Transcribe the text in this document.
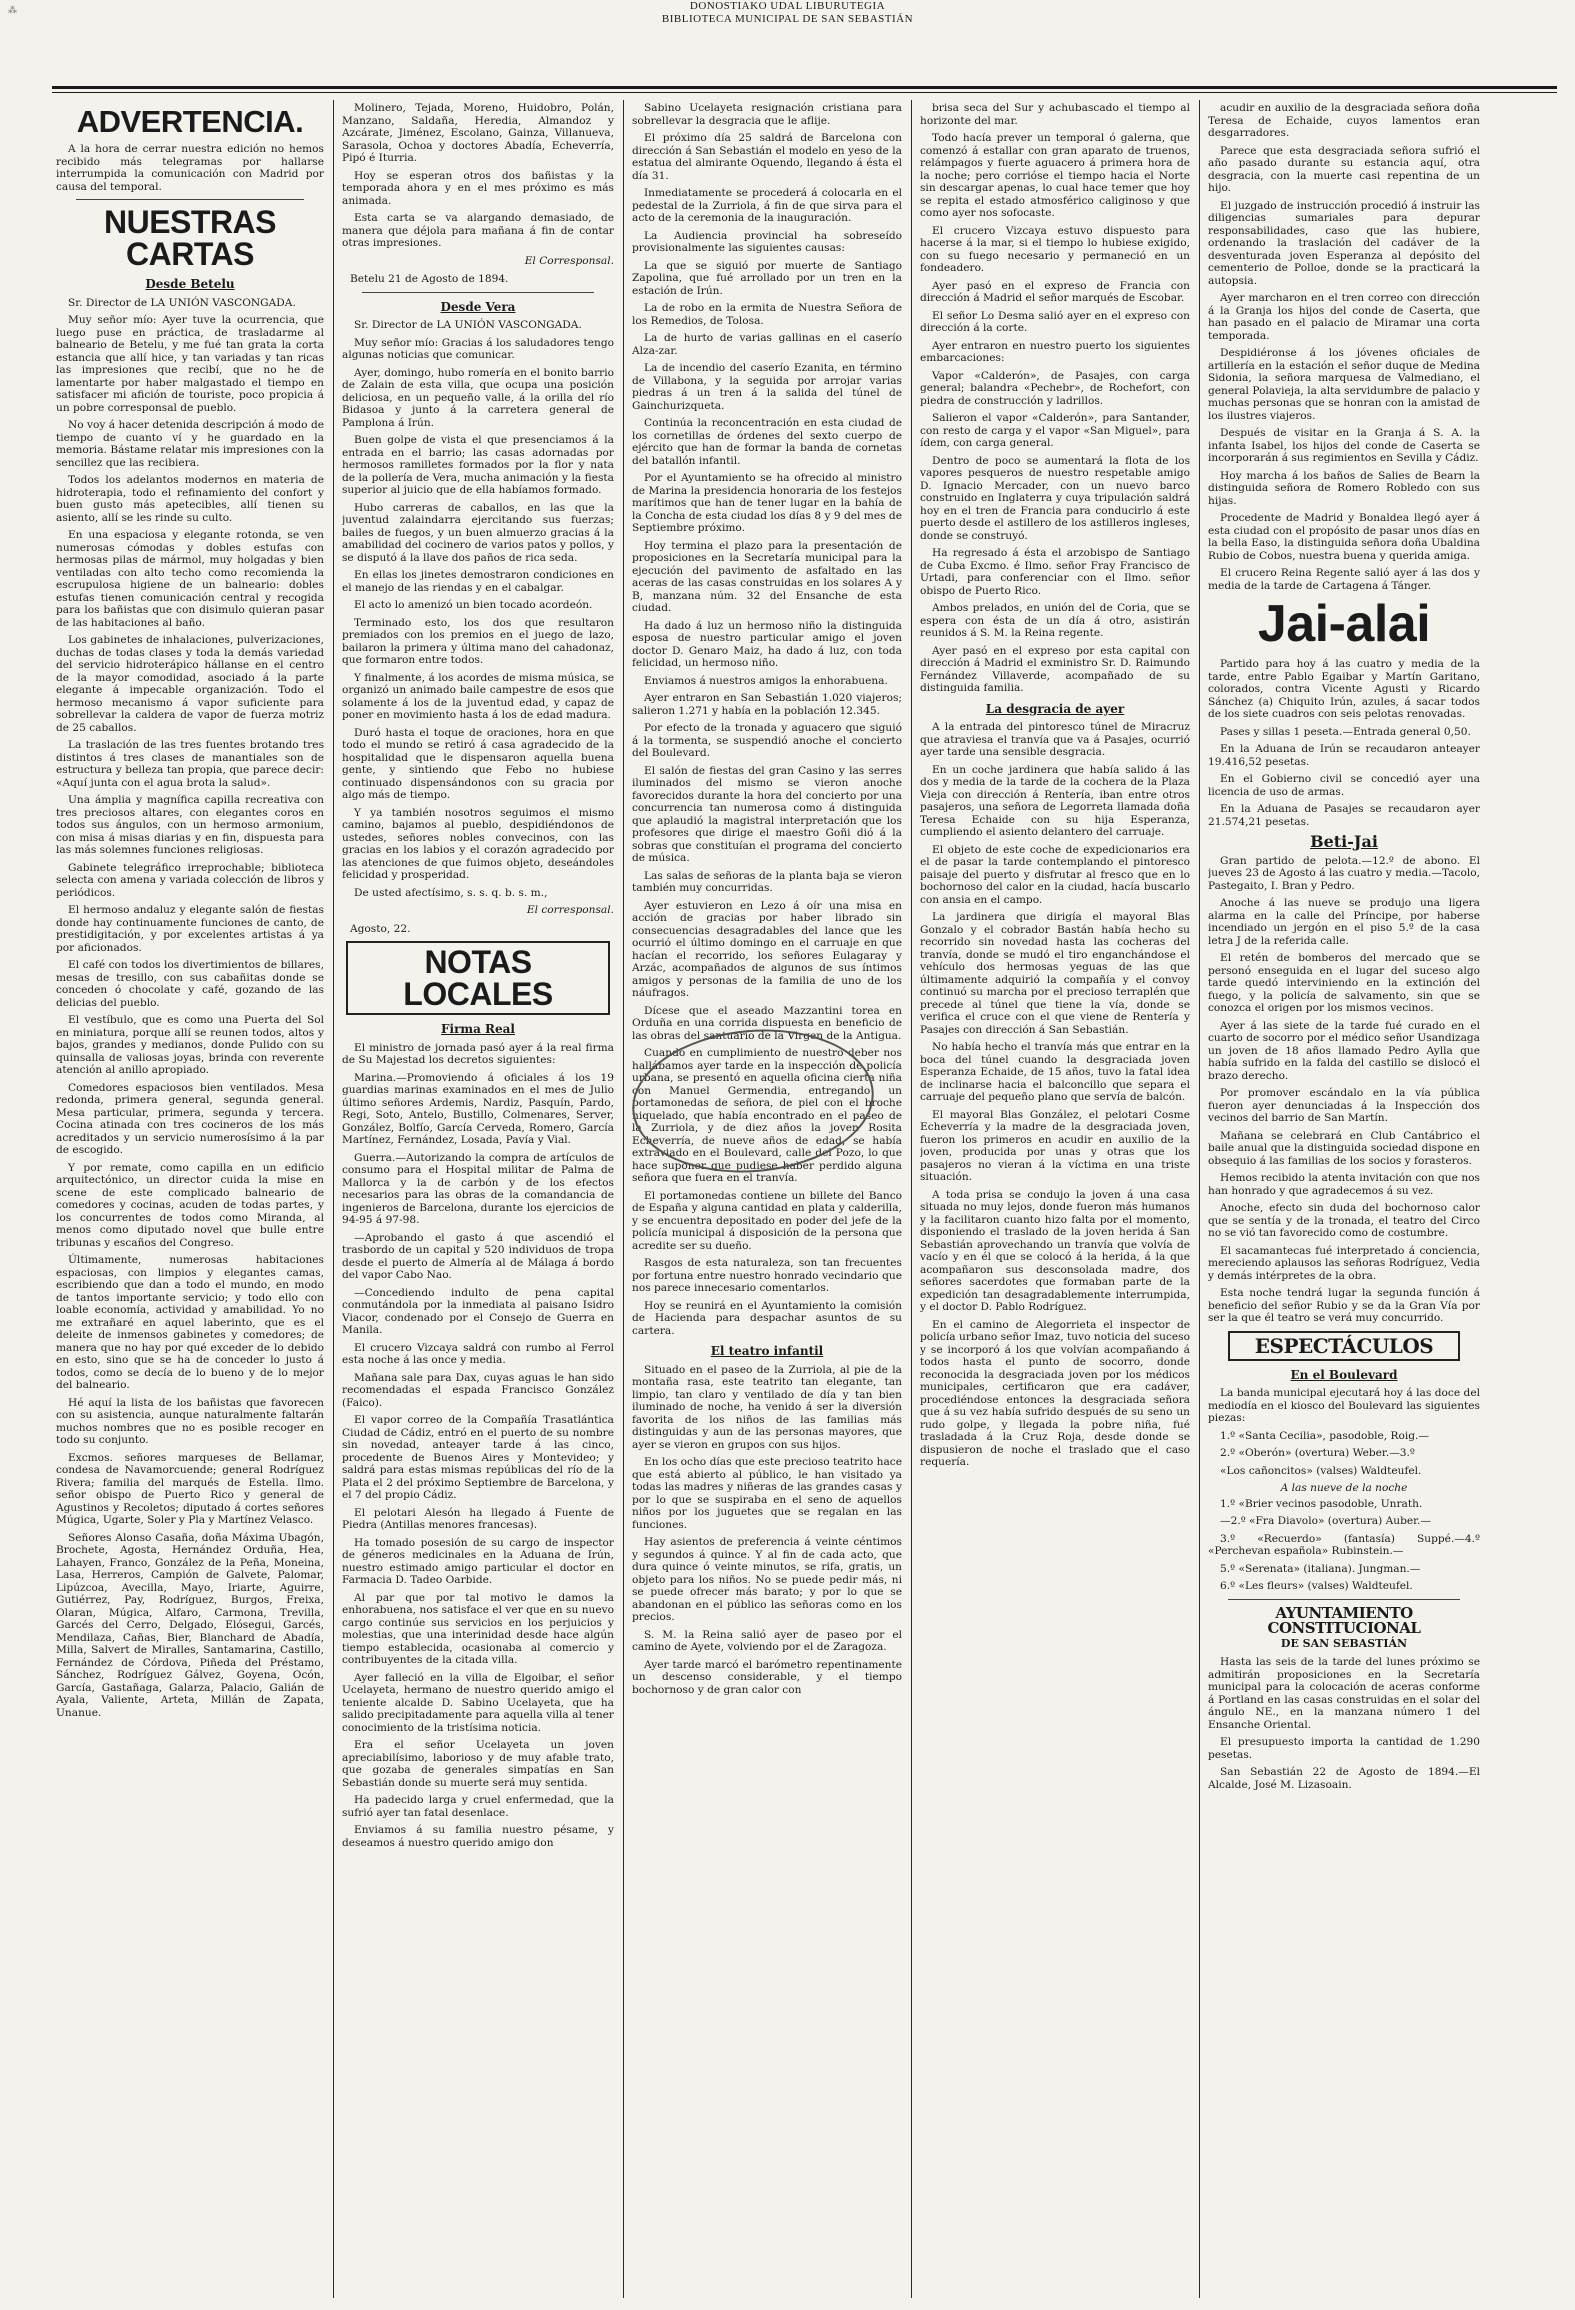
⁂	DONOSTIAKO UDAL LIBURUTEGIA
BIBLIOTECA MUNICIPAL DE SAN SEBASTIÁN
ADVERTENCIA.

A la hora de cerrar nuestra edición no hemos recibido más telegramas por hallarse interrumpida la comunicación con Madrid por causa del temporal.

NUESTRAS CARTAS
Desde Betelu

Sr. Director de LA UNIÓN VASCONGADA.

Muy señor mío: Ayer tuve la ocurrencia, que luego puse en práctica, de trasladarme al balneario de Betelu, y me fué tan grata la corta estancia que allí hice, y tan variadas y tan ricas las impresiones que recibí, que no he de lamentarte por haber malgastado el tiempo en satisfacer mi afición de touriste, poco propicia á un pobre corresponsal de pueblo.

No voy á hacer detenida descripción á modo de tiempo de cuanto ví y he guardado en la memoria. Bástame relatar mis impresiones con la sencillez que las recibiera.

Todos los adelantos modernos en materia de hidroterapia, todo el refinamiento del confort y buen gusto más apetecibles, allí tienen su asiento, allí se les rinde su culto.

En una espaciosa y elegante rotonda, se ven numerosas cómodas y dobles estufas con hermosas pilas de mármol, muy holgadas y bien ventiladas con alto techo como recomienda la escrupulosa higiene de un balneario: dobles estufas tienen comunicación central y recogida para los bañistas que con disimulo quieran pasar de las habitaciones al baño.

Los gabinetes de inhalaciones, pulverizaciones, duchas de todas clases y toda la demás variedad del servicio hidroterápico hállanse en el centro de la mayor comodidad, asociado á la parte elegante á impecable organización. Todo el hermoso mecanismo á vapor suficiente para sobrellevar la caldera de vapor de fuerza motriz de 25 caballos.

La traslación de las tres fuentes brotando tres distintos á tres clases de manantiales son de estructura y belleza tan propia, que parece decir: «Aquí junta con el agua brota la salud».

Una ámplia y magnífica capilla recreativa con tres preciosos altares, con elegantes coros en todos sus ángulos, con un hermoso armonium, con misa á misas diarias y en fin, dispuesta para las más solemnes funciones religiosas.

Gabinete telegráfico irreprochable; biblioteca selecta con amena y variada colección de libros y periódicos.

El hermoso andaluz y elegante salón de fiestas donde hay continuamente funciones de canto, de prestidigitación, y por excelentes artistas á ya por aficionados.

El café con todos los divertimientos de billares, mesas de tresillo, con sus cabañitas donde se conceden ó chocolate y café, gozando de las delicias del pueblo.

El vestíbulo, que es como una Puerta del Sol en miniatura, porque allí se reunen todos, altos y bajos, grandes y medianos, donde Pulido con su quinsalla de valiosas joyas, brinda con reverente atención al anillo apropiado.

Comedores espaciosos bien ventilados. Mesa redonda, primera general, segunda general. Mesa particular, primera, segunda y tercera. Cocina atinada con tres cocineros de los más acreditados y un servicio numerosísimo á la par de escogido.

Y por remate, como capilla en un edificio arquitectónico, un director cuida la mise en scene de este complicado balneario de comedores y cocinas, acuden de todas partes, y los concurrentes de todos como Miranda, al menos como diputado novel que bulle entre tribunas y escaños del Congreso.

Últimamente, numerosas habitaciones espaciosas, con limpios y elegantes camas, escribiendo que dan a todo el mundo, en modo de tantos importante servicio; y todo ello con loable economía, actividad y amabilidad. Yo no me extrañaré en aquel laberinto, que es el deleite de inmensos gabinetes y comedores; de manera que no hay por qué exceder de lo debido en esto, sino que se ha de conceder lo justo á todos, como se decía de lo bueno y de lo mejor del balneario.

Hé aquí la lista de los bañistas que favorecen con su asistencia, aunque naturalmente faltarán muchos nombres que no es posible recoger en todo su conjunto.

Excmos. señores marqueses de Bellamar, condesa de Navamorcuende; general Rodríguez Rivera; familia del marqués de Estella. Ilmo. señor obispo de Puerto Rico y general de Agustinos y Recoletos; diputado á cortes señores Múgica, Ugarte, Soler y Pla y Martínez Velasco.

Señores Alonso Casaña, doña Máxima Ubagón, Brochete, Agosta, Hernández Orduña, Hea, Lahayen, Franco, González de la Peña, Moneina, Lasa, Herreros, Campión de Galvete, Palomar, Lipúzcoa, Avecilla, Mayo, Iriarte, Aguirre, Gutiérrez, Pay, Rodríguez, Burgos, Freixa, Olaran, Múgica, Alfaro, Carmona, Trevilla, Garcés del Cerro, Delgado, Elósegui, Garcés, Mendilaza, Cañas, Bier, Blanchard de Abadía, Milla, Salvert de Miralles, Santamarina, Castillo, Fernández de Córdova, Piñeda del Préstamo, Sánchez, Rodríguez Gálvez, Goyena, Ocón, García, Gastañaga, Galarza, Palacio, Galián de Ayala, Valiente, Arteta, Millán de Zapata, Unanue.

Molinero, Tejada, Moreno, Huidobro, Polán, Manzano, Saldaña, Heredia, Almandoz y Azcárate, Jiménez, Escolano, Gainza, Villanueva, Sarasola, Ochoa y doctores Abadía, Echeverría, Pipó é Iturria.

Hoy se esperan otros dos bañistas y la temporada ahora y en el mes próximo es más animada.

Esta carta se va alargando demasiado, de manera que déjola para mañana á fin de contar otras impresiones.

El Corresponsal.
Betelu 21 de Agosto de 1894.
Desde Vera

Sr. Director de LA UNIÓN VASCONGADA.

Muy señor mío: Gracias á los saludadores tengo algunas noticias que comunicar.

Ayer, domingo, hubo romería en el bonito barrio de Zalain de esta villa, que ocupa una posición deliciosa, en un pequeño valle, á la orilla del río Bidasoa y junto á la carretera general de Pamplona á Irún.

Buen golpe de vista el que presenciamos á la entrada en el barrio; las casas adornadas por hermosos ramilletes formados por la flor y nata de la pollería de Vera, mucha animación y la fiesta superior al juicio que de ella habíamos formado.

Hubo carreras de caballos, en las que la juventud zalaindarra ejercitando sus fuerzas; bailes de fuegos, y un buen almuerzo gracias á la amabilidad del cocinero de varios patos y pollos, y se disputó á la llave dos paños de rica seda.

En ellas los jinetes demostraron condiciones en el manejo de las riendas y en el cabalgar.

El acto lo amenizó un bien tocado acordeón.

Terminado esto, los dos que resultaron premiados con los premios en el juego de lazo, bailaron la primera y última mano del cahadonaz, que formaron entre todos.

Y finalmente, á los acordes de misma música, se organizó un animado baile campestre de esos que solamente á los de la juventud edad, y capaz de poner en movimiento hasta á los de edad madura.

Duró hasta el toque de oraciones, hora en que todo el mundo se retiró á casa agradecido de la hospitalidad que le dispensaron aquella buena gente, y sintiendo que Febo no hubiese continuado dispensándonos con su gracia por algo más de tiempo.

Y ya también nosotros seguimos el mismo camino, bajamos al pueblo, despidiéndonos de ustedes, señores nobles convecinos, con las gracias en los labios y el corazón agradecido por las atenciones de que fuimos objeto, deseándoles felicidad y prosperidad.

De usted afectísimo, s. s. q. b. s. m.,

El corresponsal.
Agosto, 22.
NOTAS LOCALES
Firma Real

El ministro de jornada pasó ayer á la real firma de Su Majestad los decretos siguientes:

Marina.—Promoviendo á oficiales á los 19 guardias marinas examinados en el mes de Julio último señores Ardemis, Nardiz, Pasquín, Pardo, Regi, Soto, Antelo, Bustillo, Colmenares, Server, González, Bolfío, García Cerveda, Romero, García Martínez, Fernández, Losada, Pavía y Vial.

Guerra.—Autorizando la compra de artículos de consumo para el Hospital militar de Palma de Mallorca y la de carbón y de los efectos necesarios para las obras de la comandancia de ingenieros de Barcelona, durante los ejercicios de 94-95 á 97-98.

—Aprobando el gasto á que ascendió el trasbordo de un capital y 520 individuos de tropa desde el puerto de Almería al de Málaga á bordo del vapor Cabo Nao.

—Concediendo indulto de pena capital conmutándola por la inmediata al paisano Isidro Viacor, condenado por el Consejo de Guerra en Manila.

El crucero Vizcaya saldrá con rumbo al Ferrol esta noche á las once y media.

Mañana sale para Dax, cuyas aguas le han sido recomendadas el espada Francisco González (Faico).

El vapor correo de la Compañía Trasatlántica Ciudad de Cádiz, entró en el puerto de su nombre sin novedad, anteayer tarde á las cinco, procedente de Buenos Aires y Montevideo; y saldrá para estas mismas repúblicas del río de la Plata el 2 del próximo Septiembre de Barcelona, y el 7 del propio Cádiz.

El pelotari Alesón ha llegado á Fuente de Piedra (Antillas menores francesas).

Ha tomado posesión de su cargo de inspector de géneros medicinales en la Aduana de Irún, nuestro estimado amigo particular el doctor en Farmacia D. Tadeo Oarbide.

Al par que por tal motivo le damos la enhorabuena, nos satisface el ver que en su nuevo cargo continúe sus servicios en los perjuicios y molestias, que una interinidad desde hace algún tiempo establecida, ocasionaba al comercio y contribuyentes de la citada villa.

Ayer falleció en la villa de Elgoibar, el señor Ucelayeta, hermano de nuestro querido amigo el teniente alcalde D. Sabino Ucelayeta, que ha salido precipitadamente para aquella villa al tener conocimiento de la tristísima noticia.

Era el señor Ucelayeta un joven apreciabilísimo, laborioso y de muy afable trato, que gozaba de generales simpatías en San Sebastián donde su muerte será muy sentida.

Ha padecido larga y cruel enfermedad, que la sufrió ayer tan fatal desenlace.

Enviamos á su familia nuestro pésame, y deseamos á nuestro querido amigo don

Sabino Ucelayeta resignación cristiana para sobrellevar la desgracia que le aflije.

El próximo día 25 saldrá de Barcelona con dirección á San Sebastián el modelo en yeso de la estatua del almirante Oquendo, llegando á ésta el día 31.

Inmediatamente se procederá á colocarla en el pedestal de la Zurriola, á fin de que sirva para el acto de la ceremonia de la inauguración.

La Audiencia provincial ha sobreseído provisionalmente las siguientes causas:

La que se siguió por muerte de Santiago Zapolina, que fué arrollado por un tren en la estación de Irún.

La de robo en la ermita de Nuestra Señora de los Remedios, de Tolosa.

La de hurto de varias gallinas en el caserío Alza-zar.

La de incendio del caserío Ezanita, en término de Villabona, y la seguida por arrojar varias piedras á un tren á la salida del túnel de Gainchurizqueta.

Continúa la reconcentración en esta ciudad de los cornetillas de órdenes del sexto cuerpo de ejército que han de formar la banda de cornetas del batallón infantil.

Por el Ayuntamiento se ha ofrecido al ministro de Marina la presidencia honoraria de los festejos marítimos que han de tener lugar en la bahía de la Concha de esta ciudad los días 8 y 9 del mes de Septiembre próximo.

Hoy termina el plazo para la presentación de proposiciones en la Secretaría municipal para la ejecución del pavimento de asfaltado en las aceras de las casas construidas en los solares A y B, manzana núm. 32 del Ensanche de esta ciudad.

Ha dado á luz un hermoso niño la distinguida esposa de nuestro particular amigo el joven doctor D. Genaro Maiz, ha dado á luz, con toda felicidad, un hermoso niño.

Enviamos á nuestros amigos la enhorabuena.

Ayer entraron en San Sebastián 1.020 viajeros; salieron 1.271 y había en la población 12.345.

Por efecto de la tronada y aguacero que siguió á la tormenta, se suspendió anoche el concierto del Boulevard.

El salón de fiestas del gran Casino y las serres iluminados del mismo se vieron anoche favorecidos durante la hora del concierto por una concurrencia tan numerosa como á distinguida que aplaudió la magistral interpretación que los profesores que dirige el maestro Goñi dió á la sobras que constituían el programa del concierto de música.

Las salas de señoras de la planta baja se vieron también muy concurridas.

Ayer estuvieron en Lezo á oír una misa en acción de gracias por haber librado sin consecuencias desagradables del lance que les ocurrió el último domingo en el carruaje en que hacían el recorrido, los señores Eulagaray y Arzác, acompañados de algunos de sus íntimos amigos y personas de la familia de uno de los náufragos.

Dícese que el aseado Mazzantini torea en Orduña en una corrida dispuesta en beneficio de las obras del santuario de la Virgen de la Antigua.

Cuando en cumplimiento de nuestro deber nos hallábamos ayer tarde en la inspección de policía urbana, se presentó en aquella oficina cierta niña con Manuel Germendia, entregando un portamonedas de señora, de piel con el broche niquelado, que había encontrado en el paseo de la Zurriola, y de diez años la joven Rosita Echeverría, de nueve años de edad, se había extraviado en el Boulevard, calle del Pozo, lo que hace suponer que pudiese haber perdido alguna señora que fuera en el tranvía.

El portamonedas contiene un billete del Banco de España y alguna cantidad en plata y calderilla, y se encuentra depositado en poder del jefe de la policía municipal á disposición de la persona que acredite ser su dueño.

Rasgos de esta naturaleza, son tan frecuentes por fortuna entre nuestro honrado vecindario que nos parece innecesario comentarlos.

Hoy se reunirá en el Ayuntamiento la comisión de Hacienda para despachar asuntos de su cartera.

El teatro infantil

Situado en el paseo de la Zurriola, al pie de la montaña rasa, este teatrito tan elegante, tan limpio, tan claro y ventilado de día y tan bien iluminado de noche, ha venido á ser la diversión favorita de los niños de las familias más distinguidas y aun de las personas mayores, que ayer se vieron en grupos con sus hijos.

En los ocho días que este precioso teatrito hace que está abierto al público, le han visitado ya todas las madres y niñeras de las grandes casas y por lo que se suspiraba en el seno de aquellos niños por los juguetes que se regalan en las funciones.

Hay asientos de preferencia á veinte céntimos y segundos á quince. Y al fin de cada acto, que dura quince ó veinte minutos, se rifa, gratis, un objeto para los niños. No se puede pedir más, ni se puede ofrecer más barato; y por lo que se abandonan en el público las señoras como en los precios.

S. M. la Reina salió ayer de paseo por el camino de Ayete, volviendo por el de Zaragoza.

Ayer tarde marcó el barómetro repentinamente un descenso considerable, y el tiempo bochornoso y de gran calor con

brisa seca del Sur y achubascado el tiempo al horizonte del mar.

Todo hacía prever un temporal ó galerna, que comenzó á estallar con gran aparato de truenos, relámpagos y fuerte aguacero á primera hora de la noche; pero corrióse el tiempo hacia el Norte sin descargar apenas, lo cual hace temer que hoy se repita el estado atmosférico caliginoso y que como ayer nos sofocaste.

El crucero Vizcaya estuvo dispuesto para hacerse á la mar, si el tiempo lo hubiese exigido, con su fuego necesario y permaneció en un fondeadero.

Ayer pasó en el expreso de Francia con dirección á Madrid el señor marqués de Escobar.

El señor Lo Desma salió ayer en el expreso con dirección á la corte.

Ayer entraron en nuestro puerto los siguientes embarcaciones:

Vapor «Calderón», de Pasajes, con carga general; balandra «Pechebr», de Rochefort, con piedra de construcción y ladrillos.

Salieron el vapor «Calderón», para Santander, con resto de carga y el vapor «San Miguel», para ídem, con carga general.

Dentro de poco se aumentará la flota de los vapores pesqueros de nuestro respetable amigo D. Ignacio Mercader, con un nuevo barco construido en Inglaterra y cuya tripulación saldrá hoy en el tren de Francia para conducirlo á este puerto desde el astillero de los astilleros ingleses, donde se construyó.

Ha regresado á ésta el arzobispo de Santiago de Cuba Excmo. é Ilmo. señor Fray Francisco de Urtadi, para conferenciar con el Ilmo. señor obispo de Puerto Rico.

Ambos prelados, en unión del de Coria, que se espera con ésta de un día á otro, asistirán reunidos á S. M. la Reina regente.

Ayer pasó en el expreso por esta capital con dirección á Madrid el exministro Sr. D. Raimundo Fernández Villaverde, acompañado de su distinguida familia.

La desgracia de ayer

A la entrada del pintoresco túnel de Miracruz que atraviesa el tranvía que va á Pasajes, ocurrió ayer tarde una sensible desgracia.

En un coche jardinera que había salido á las dos y media de la tarde de la cochera de la Plaza Vieja con dirección á Rentería, iban entre otros pasajeros, una señora de Legorreta llamada doña Teresa Echaide con su hija Esperanza, cumpliendo el asiento delantero del carruaje.

El objeto de este coche de expedicionarios era el de pasar la tarde contemplando el pintoresco paisaje del puerto y disfrutar al fresco que en lo bochornoso del calor en la ciudad, hacía buscarlo con ansia en el campo.

La jardinera que dirigía el mayoral Blas Gonzalo y el cobrador Bastán había hecho su recorrido sin novedad hasta las cocheras del tranvía, donde se mudó el tiro enganchándose el vehículo dos hermosas yeguas de las que últimamente adquirió la compañía y el convoy continuó su marcha por el precioso terraplén que precede al túnel que tiene la vía, donde se verifica el cruce con el que viene de Rentería y Pasajes con dirección á San Sebastián.

No había hecho el tranvía más que entrar en la boca del túnel cuando la desgraciada joven Esperanza Echaide, de 15 años, tuvo la fatal idea de inclinarse hacia el balconcillo que separa el carruaje del pequeño plano que servía de balcón.

El mayoral Blas González, el pelotari Cosme Echeverría y la madre de la desgraciada joven, fueron los primeros en acudir en auxilio de la joven, producida por unas y otras que los pasajeros no vieran á la víctima en una triste situación.

A toda prisa se condujo la joven á una casa situada no muy lejos, donde fueron más humanos y la facilitaron cuanto hizo falta por el momento, disponiendo el traslado de la joven herida á San Sebastián aprovechando un tranvía que volvía de vacío y en él que se colocó á la herida, á la que acompañaron sus desconsolada madre, dos señores sacerdotes que formaban parte de la expedición tan desagradablemente interrumpida, y el doctor D. Pablo Rodríguez.

En el camino de Alegorrieta el inspector de policía urbano señor Imaz, tuvo noticia del suceso y se incorporó á los que volvían acompañando á todos hasta el punto de socorro, donde reconocida la desgraciada joven por los médicos municipales, certificaron que era cadáver, procediéndose entonces la desgraciada señora que á su vez había sufrido después de su seno un rudo golpe, y llegada la pobre niña, fué trasladada á la Cruz Roja, desde donde se dispusieron de noche el traslado que el caso requería.

acudir en auxilio de la desgraciada señora doña Teresa de Echaide, cuyos lamentos eran desgarradores.

Parece que esta desgraciada señora sufrió el año pasado durante su estancia aquí, otra desgracia, con la muerte casi repentina de un hijo.

El juzgado de instrucción procedió á instruir las diligencias sumariales para depurar responsabilidades, caso que las hubiere, ordenando la traslación del cadáver de la desventurada joven Esperanza al depósito del cementerio de Polloe, donde se la practicará la autopsia.

Ayer marcharon en el tren correo con dirección á la Granja los hijos del conde de Caserta, que han pasado en el palacio de Miramar una corta temporada.

Despidiéronse á los jóvenes oficiales de artillería en la estación el señor duque de Medina Sidonia, la señora marquesa de Valmediano, el general Polavieja, la alta servidumbre de palacio y muchas personas que se honran con la amistad de los ilustres viajeros.

Después de visitar en la Granja á S. A. la infanta Isabel, los hijos del conde de Caserta se incorporarán á sus regimientos en Sevilla y Cádiz.

Hoy marcha á los baños de Salies de Bearn la distinguida señora de Romero Robledo con sus hijas.

Procedente de Madrid y Bonaldea llegó ayer á esta ciudad con el propósito de pasar unos días en la bella Easo, la distinguida señora doña Ubaldina Rubio de Cobos, nuestra buena y querida amiga.

El crucero Reina Regente salió ayer á las dos y media de la tarde de Cartagena á Tánger.

Jai-alai

Partido para hoy á las cuatro y media de la tarde, entre Pablo Egaibar y Martín Garitano, colorados, contra Vicente Agusti y Ricardo Sánchez (a) Chiquito Irún, azules, á sacar todos de los siete cuadros con seis pelotas renovadas.

Pases y sillas 1 peseta.—Entrada general 0,50.

En la Aduana de Irún se recaudaron anteayer 19.416,52 pesetas.

En el Gobierno civil se concedió ayer una licencia de uso de armas.

En la Aduana de Pasajes se recaudaron ayer 21.574,21 pesetas.

Beti-Jai

Gran partido de pelota.—12.º de abono. El jueves 23 de Agosto á las cuatro y media.—Tacolo, Pastegaito, I. Bran y Pedro.

Anoche á las nueve se produjo una ligera alarma en la calle del Príncipe, por haberse incendiado un jergón en el piso 5.º de la casa letra J de la referida calle.

El retén de bomberos del mercado que se personó enseguida en el lugar del suceso algo tarde quedó interviniendo en la extinción del fuego, y la policía de salvamento, sin que se conozca el origen por los mismos vecinos.

Ayer á las siete de la tarde fué curado en el cuarto de socorro por el médico señor Usandizaga un joven de 18 años llamado Pedro Aylla que había sufrido en la falda del castillo se dislocó el brazo derecho.

Por promover escándalo en la vía pública fueron ayer denunciadas á la Inspección dos vecinos del barrio de San Martín.

Mañana se celebrará en Club Cantábrico el baile anual que la distinguida sociedad dispone en obsequio á las familias de los socios y forasteros.

Hemos recibido la atenta invitación con que nos han honrado y que agradecemos á su vez.

Anoche, efecto sin duda del bochornoso calor que se sentía y de la tronada, el teatro del Circo no se vió tan favorecido como de costumbre.

El sacamantecas fué interpretado á conciencia, mereciendo aplausos las señoras Rodríguez, Vedia y demás intérpretes de la obra.

Esta noche tendrá lugar la segunda función á beneficio del señor Rubio y se da la Gran Vía por ser la que él teatro se verá muy concurrido.

ESPECTÁCULOS
En el Boulevard

La banda municipal ejecutará hoy á las doce del mediodía en el kiosco del Boulevard las siguientes piezas:

1.º «Santa Cecilia», pasodoble, Roig.—

2.º «Oberón» (overtura) Weber.—3.º

«Los cañoncitos» (valses) Waldteufel.

A las nueve de la noche

1.º «Brier vecinos pasodoble, Unrath.

—2.º «Fra Diavolo» (overtura) Auber.—

3.º «Recuerdo» (fantasía) Suppé.—4.º «Perchevan española» Rubinstein.—

5.º «Serenata» (italiana). Jungman.—

6.º «Les fleurs» (valses) Waldteufel.

AYUNTAMIENTO CONSTITUCIONAL
DE SAN SEBASTIÁN

Hasta las seis de la tarde del lunes próximo se admitirán proposiciones en la Secretaría municipal para la colocación de aceras conforme á Portland en las casas construidas en el solar del ángulo NE., en la manzana número 1 del Ensanche Oriental.

El presupuesto importa la cantidad de 1.290 pesetas.

San Sebastián 22 de Agosto de 1894.—El Alcalde, José M. Lizasoain.
